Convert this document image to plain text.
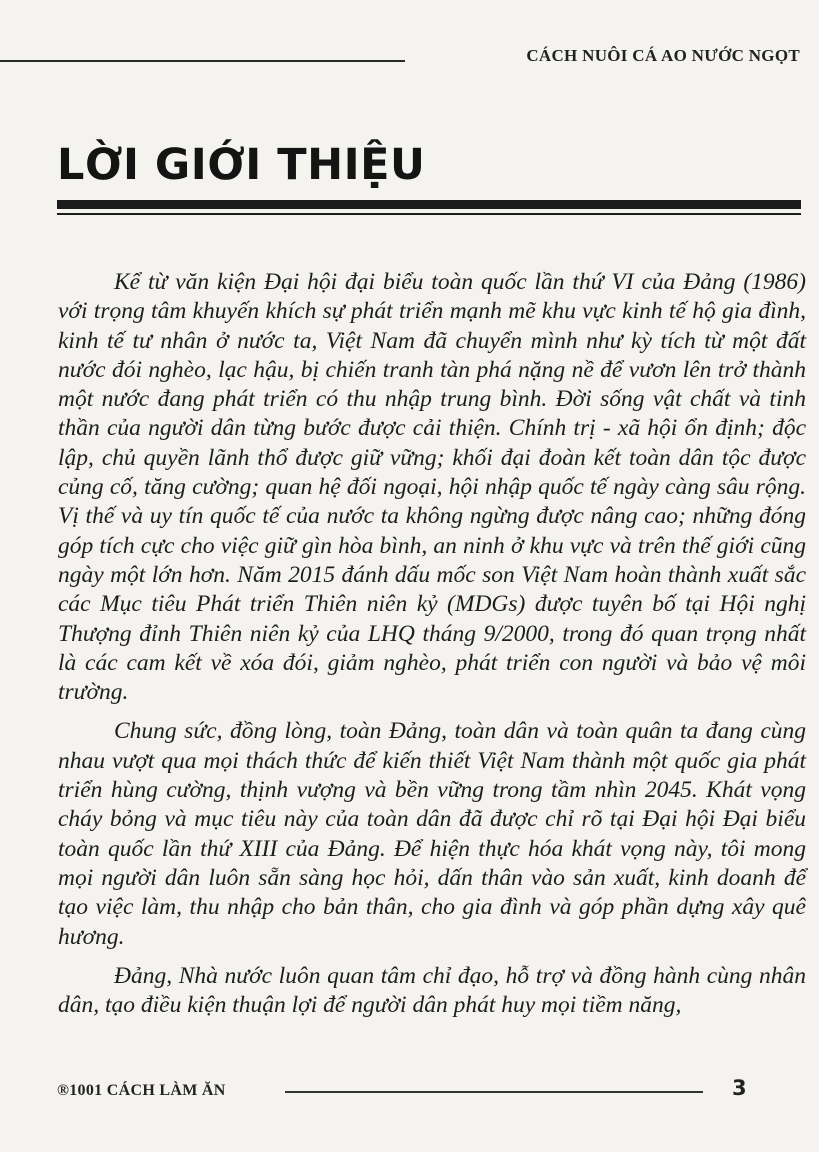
CÁCH NUÔI CÁ AO NƯỚC NGỌT
LỜI GIỚI THIỆU

Kể từ văn kiện Đại hội đại biểu toàn quốc lần thứ VI của Đảng (1986) với trọng tâm khuyến khích sự phát triển mạnh mẽ khu vực kinh tế hộ gia đình, kinh tế tư nhân ở nước ta, Việt Nam đã chuyển mình như kỳ tích từ một đất nước đói nghèo, lạc hậu, bị chiến tranh tàn phá nặng nề để vươn lên trở thành một nước đang phát triển có thu nhập trung bình. Đời sống vật chất và tinh thần của người dân từng bước được cải thiện. Chính trị - xã hội ổn định; độc lập, chủ quyền lãnh thổ được giữ vững; khối đại đoàn kết toàn dân tộc được củng cố, tăng cường; quan hệ đối ngoại, hội nhập quốc tế ngày càng sâu rộng. Vị thế và uy tín quốc tế của nước ta không ngừng được nâng cao; những đóng góp tích cực cho việc giữ gìn hòa bình, an ninh ở khu vực và trên thế giới cũng ngày một lớn hơn. Năm 2015 đánh dấu mốc son Việt Nam hoàn thành xuất sắc các Mục tiêu Phát triển Thiên niên kỷ (MDGs) được tuyên bố tại Hội nghị Thượng đỉnh Thiên niên kỷ của LHQ tháng 9/2000, trong đó quan trọng nhất là các cam kết về xóa đói, giảm nghèo, phát triển con người và bảo vệ môi trường.

Chung sức, đồng lòng, toàn Đảng, toàn dân và toàn quân ta đang cùng nhau vượt qua mọi thách thức để kiến thiết Việt Nam thành một quốc gia phát triển hùng cường, thịnh vượng và bền vững trong tầm nhìn 2045. Khát vọng cháy bỏng và mục tiêu này của toàn dân đã được chỉ rõ tại Đại hội Đại biểu toàn quốc lần thứ XIII của Đảng. Để hiện thực hóa khát vọng này, tôi mong mọi người dân luôn sẵn sàng học hỏi, dấn thân vào sản xuất, kinh doanh để tạo việc làm, thu nhập cho bản thân, cho gia đình và góp phần dựng xây quê hương.

Đảng, Nhà nước luôn quan tâm chỉ đạo, hỗ trợ và đồng hành cùng nhân dân, tạo điều kiện thuận lợi để người dân phát huy mọi tiềm năng,

®1001 CÁCH LÀM ĂN	3
